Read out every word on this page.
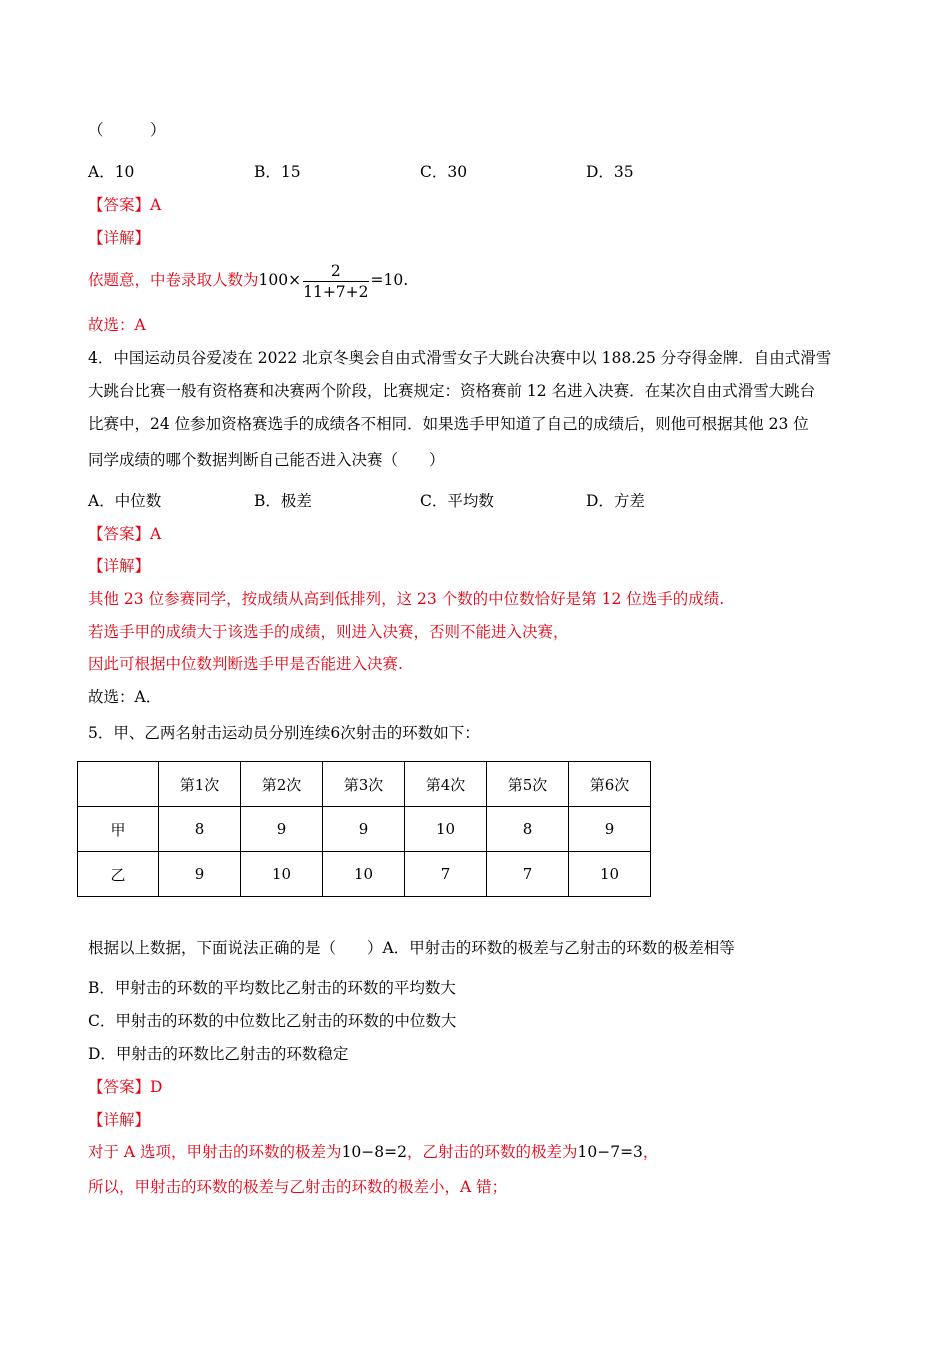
（　　　）
A．10	B．15	C．30	D．35
【答案】A
【详解】
依题意，中卷录取人数为$100\times \frac{2}{11+7+2} =10$.
故选：A
4．中国运动员谷爱凌在 2022 北京冬奥会自由式滑雪女子大跳台决赛中以 188.25 分夺得金牌．自由式滑雪
大跳台比赛一般有资格赛和决赛两个阶段，比赛规定：资格赛前 12 名进入决赛．在某次自由式滑雪大跳台
比赛中，24 位参加资格赛选手的成绩各不相同．如果选手甲知道了自己的成绩后，则他可根据其他 23 位
同学成绩的哪个数据判断自己能否进入决赛（　　）
A．中位数	B．极差	C．平均数	D．方差
【答案】A
【详解】
其他 23 位参赛同学，按成绩从高到低排列，这 23 个数的中位数恰好是第 12 位选手的成绩.
若选手甲的成绩大于该选手的成绩，则进入决赛，否则不能进入决赛，
因此可根据中位数判断选手甲是否能进入决赛.
故选：A．
5．甲、乙两名射击运动员分别连续6次射击的环数如下：
	第1次	第2次	第3次	第4次	第5次	第6次
甲	8	9	9	10	8	9
乙	9	10	10	7	7	10
根据以上数据，下面说法正确的是（　　）A．甲射击的环数的极差与乙射击的环数的极差相等
B．甲射击的环数的平均数比乙射击的环数的平均数大
C．甲射击的环数的中位数比乙射击的环数的中位数大
D．甲射击的环数比乙射击的环数稳定
【答案】D
【详解】
对于 A 选项，甲射击的环数的极差为10−8=2，乙射击的环数的极差为10−7=3，
所以，甲射击的环数的极差与乙射击的环数的极差小，A 错；
